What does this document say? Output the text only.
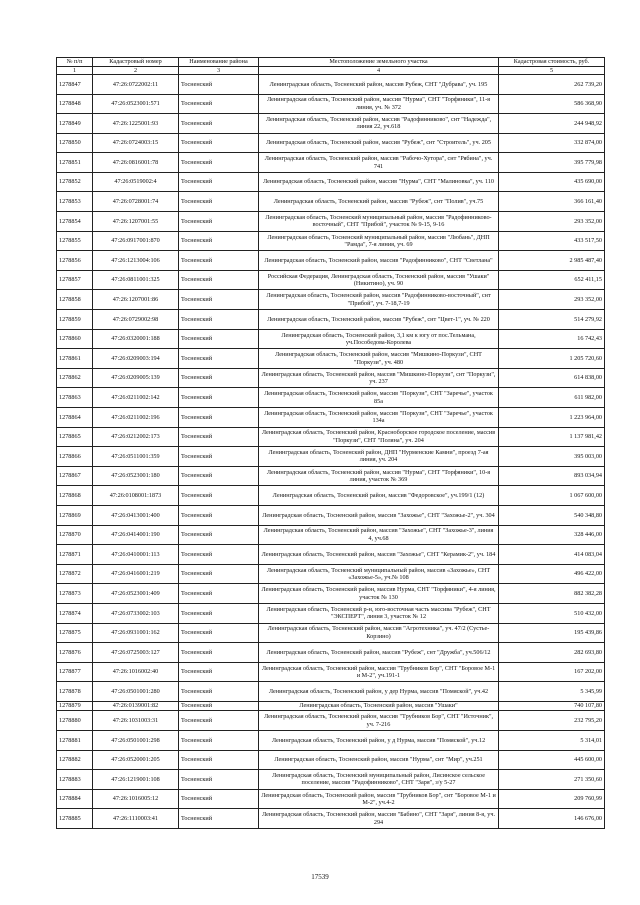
№ п/п	Кадастровый номер	Наименование района	Местоположение земельного участка	Кадастровая стоимость, руб.
1	2	3	4	5
1278847	47:26:0722002:11	Тосненский	Ленинградская область, Тосненский район, массив Рубеж, СНТ "Дубрава", уч. 195	262 739,20
1278848	47:26:0523001:571	Тосненский	Ленинградская область, Тосненский район, массив "Нурма", СНТ "Торфяники", 11-я линия, уч. № 372	586 368,90
1278849	47:26:1225001:93	Тосненский	Ленинградская область, Тосненский район, массив "Радофинниково", снт "Надежда", линия 22, уч.618	244 948,92
1278850	47:26:0724003:15	Тосненский	Ленинградская область, Тосненский район, массив "Рубеж", снт "Строитель", уч. 205	332 874,00
1278851	47:26:0816001:78	Тосненский	Ленинградская область, Тосненский район, массив "Рабочо-Хутора", снт "Рябина", уч. 741	395 779,98
1278852	47:26:0519002:4	Тосненский	Ленинградская область, Тосненский район, массив "Нурма", СНТ "Малиновка", уч. 110	435 690,00
1278853	47:26:0728001:74	Тосненский	Ленинградская область, Тосненский район, массив "Рубеж", снт "Полив", уч.75	366 161,40
1278854	47:26:1207001:55	Тосненский	Ленинградская область, Тосненский муниципальный район, массив "Радофинниково-восточный", СНТ "Прибой", участок № 9-15, 9-16	293 352,00
1278855	47:26:0917001:870	Тосненский	Ленинградская область, Тосненский муниципальный район, массив "Любань", ДНП "Рамда", 7-я линия, уч. 69	433 517,50
1278856	47:26:1213004:106	Тосненский	Ленинградская область, Тосненский район, массив "Радофинниково", СНТ "Светлана"	2 985 487,40
1278857	47:26:0811001:325	Тосненский	Российская Федерация, Ленинградская область, Тосненский район, массив "Ушаки" (Никитино), уч. 90	652 411,15
1278858	47:26:1207001:86	Тосненский	Ленинградская область, Тосненский район, массив "Радофинниково-восточный", снт "Прибой", уч. 7-18,7-19	293 352,00
1278859	47:26:0729002:98	Тосненский	Ленинградская область, Тосненский район, массив "Рубеж", снт "Цвет-1", уч. № 220	514 279,92
1278860	47:26:0320001:188	Тосненский	Ленинградская область, Тосненский район, 3,1 км к югу от пос.Тельмана, уч.Пособедова-Королева	16 742,43
1278861	47:26:0209003:194	Тосненский	Ленинградская область, Тосненский район, массив "Мишкино-Поркузи", СНТ "Поркузи", уч. 480	1 205 720,60
1278862	47:26:0209005:139	Тосненский	Ленинградская область, Тосненский район, массив "Мишкино-Поркузи", снт "Поркузи", уч. 237	614 838,00
1278863	47:26:0211002:142	Тосненский	Ленинградская область, Тосненский район, массив "Поркузи", СНТ "Заречье", участок 85а	611 982,00
1278864	47:26:0211002:196	Тосненский	Ленинградская область, Тосненский район, массив "Поркузи", СНТ "Заречье", участок 134а	1 223 964,00
1278865	47:26:0212002:173	Тосненский	Ленинградская область, Тосненский район, Красноборское городское поселение, массив "Поркузи", СНТ "Поляна", уч. 204	1 137 981,42
1278866	47:26:0511001:359	Тосненский	Ленинградская область, Тосненский район, ДНП "Нурменские Камни", проезд 7-ая линия, уч. 204	395 003,00
1278867	47:26:0523001:180	Тосненский	Ленинградская область, Тосненский район, массив "Нурма", СНТ "Торфяники", 10-я линия, участок № 369	893 034,94
1278868	47:26:0108001:1873	Тосненский	Ленинградская область, Тосненский район, массив "Федоровское", уч.199/1 (12)	1 067 600,00
1278869	47:26:0413001:400	Тосненский	Ленинградская область, Тосненский район, массив "Захожье", СНТ "Захожье-2", уч. 304	540 348,80
1278870	47:26:0414001:190	Тосненский	Ленинградская область, Тосненский район, массив "Захожье", СНТ "Захожье-3", линия 4, уч.68	328 446,00
1278871	47:26:0410001:113	Тосненский	Ленинградская область, Тосненский район, массив "Захожье", СНТ "Керамик-2", уч. 184	414 083,04
1278872	47:26:0416001:219	Тосненский	Ленинградская область, Тосненский муниципальный район, массив «Захожье», СНТ «Захожье-5», уч.№ 108	496 422,00
1278873	47:26:0523001:409	Тосненский	Ленинградская область, Тосненский район, массив Нурма, СНТ "Торфяники", 4-я линия, участок № 130	882 382,28
1278874	47:26:0733002:103	Тосненский	Ленинградская область, Тосненский р-н, юго-восточная часть массива "Рубеж", СНТ "ЭКСПЕРТ", линия 3, участок № 12	510 432,00
1278875	47:26:0931001:162	Тосненский	Ленинградская область, Тосненский район, массив "Агротехника", уч. 47/2 (Сустье-Корзино)	195 439,86
1278876	47:26:0725003:127	Тосненский	Ленинградская область, Тосненский район, массив "Рубеж", снт "Дружба", уч.506/12	282 693,80
1278877	47:26:1016002:40	Тосненский	Ленинградская область, Тосненский район, массив "Трубников Бор", СНТ "Боровое М-1 и М-2", уч.191-1	167 202,00
1278878	47:26:0501001:280	Тосненский	Ленинградская область, Тосненский район, у дер Нурма, массив "Помяской", уч.42	5 345,99
1278879	47:26:0139001:82	Тосненский	Ленинградская область, Тосненский район, массив "Ушаки"	740 107,80
1278880	47:26:1031003:31	Тосненский	Ленинградская область, Тосненский район, массив "Трубников Бор", СНТ "Источник", уч. 7-216	232 795,20
1278881	47:26:0501001:298	Тосненский	Ленинградская область, Тосненский район, у д Нурма, массив "Помяской", уч.12	5 314,01
1278882	47:26:0520001:205	Тосненский	Ленинградская область, Тосненский район, массив "Нурма", снт "Мир", уч.251	445 600,00
1278883	47:26:1219001:108	Тосненский	Ленинградская область, Тосненский муниципальный район, Лисинское сельское поселение, массив "Радофинниково", СНТ "Заря", з/у 5-27	271 350,60
1278884	47:26:1016005:12	Тосненский	Ленинградская область, Тосненский район, массив "Трубников Бор", снт "Боровое М-1 и М-2", уч.4-2	209 760,99
1278885	47:26:1110003:41	Тосненский	Ленинградская область, Тосненский район, массив "Бабино", СНТ "Заря", линия 8-я, уч. 294	146 676,00
17539
